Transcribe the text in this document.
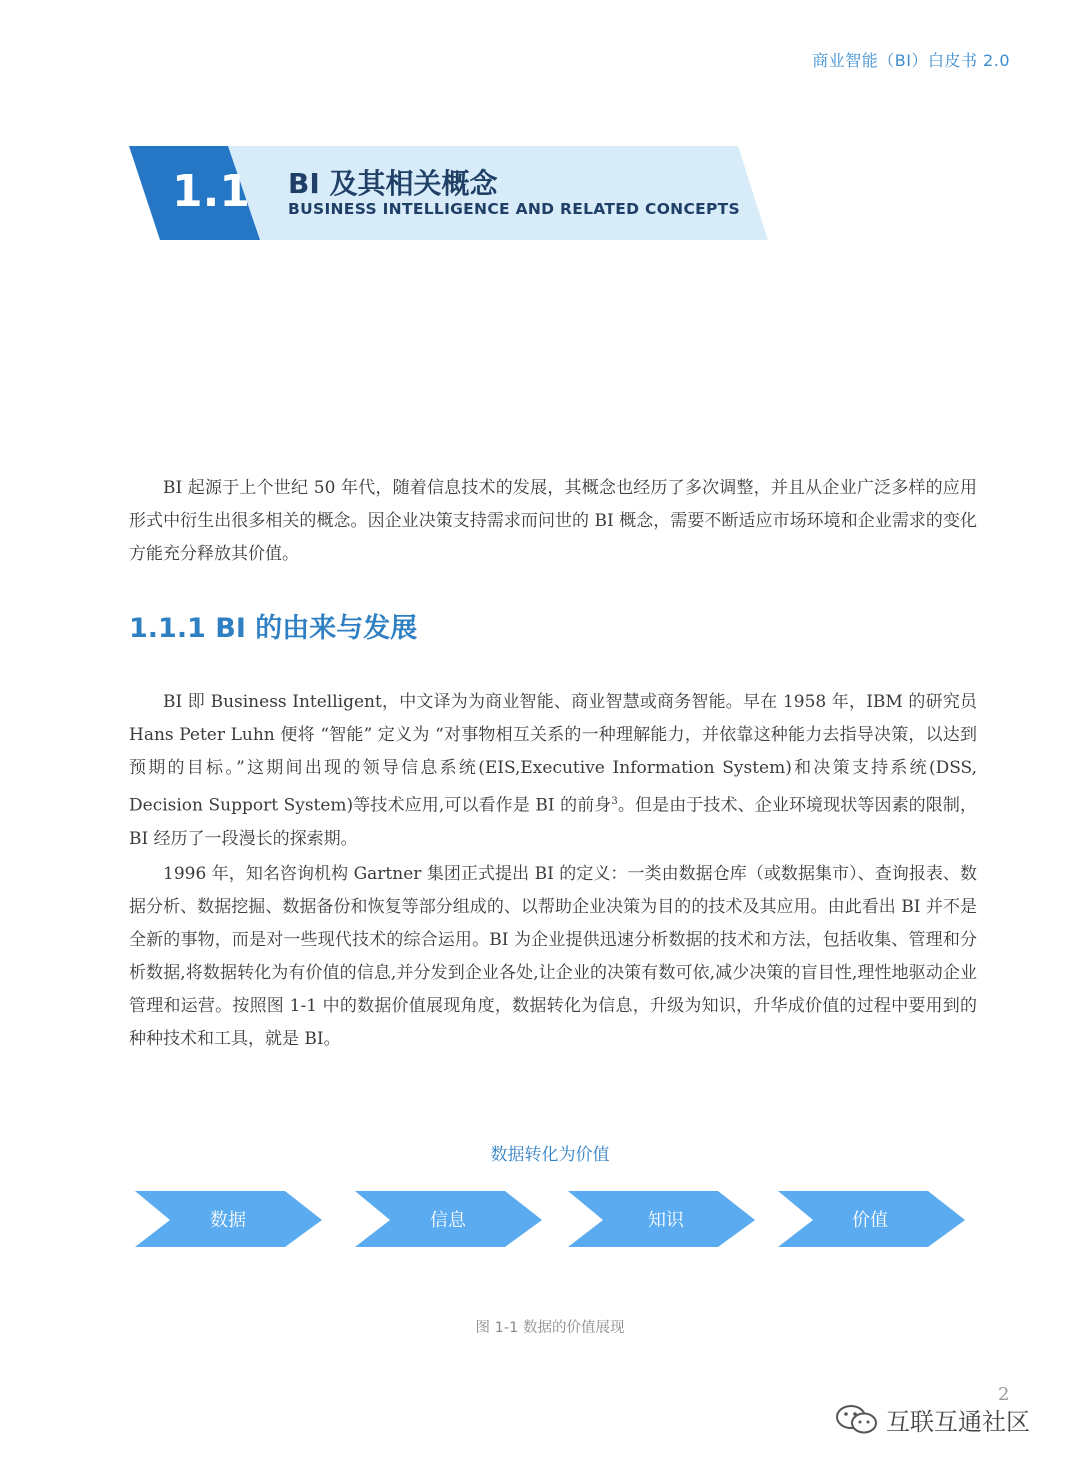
商业智能（BI）白皮书 2.0
1.1 BI 及其相关概念
BUSINESS INTELLIGENCE AND RELATED CONCEPTS

BI 起源于上个世纪 50 年代，随着信息技术的发展，其概念也经历了多次调整，并且从企业广泛多样的应用形式中衍生出很多相关的概念。因企业决策支持需求而问世的 BI 概念，需要不断适应市场环境和企业需求的变化方能充分释放其价值。

1.1.1 BI 的由来与发展

BI 即 Business Intelligent，中文译为为商业智能、商业智慧或商务智能。早在 1958 年，IBM 的研究员 Hans Peter Luhn 便将 “智能” 定义为 “对事物相互关系的一种理解能力，并依靠这种能力去指导决策，以达到预期的目标。”这期间出现的领导信息系统(EIS,Executive Information System)和决策支持系统(DSS, Decision Support System)等技术应用,可以看作是 BI 的前身$^3$。但是由于技术、企业环境现状等因素的限制，BI 经历了一段漫长的探索期。

1996 年，知名咨询机构 Gartner 集团正式提出 BI 的定义：一类由数据仓库（或数据集市）、查询报表、数据分析、数据挖掘、数据备份和恢复等部分组成的、以帮助企业决策为目的的技术及其应用。由此看出 BI 并不是全新的事物，而是对一些现代技术的综合运用。BI 为企业提供迅速分析数据的技术和方法，包括收集、管理和分析数据,将数据转化为有价值的信息,并分发到企业各处,让企业的决策有数可依,减少决策的盲目性,理性地驱动企业管理和运营。按照图 1-1 中的数据价值展现角度，数据转化为信息，升级为知识，升华成价值的过程中要用到的种种技术和工具，就是 BI。

数据转化为价值
数据	信息	知识	价值
图 1-1 数据的价值展现
2
互联互通社区
